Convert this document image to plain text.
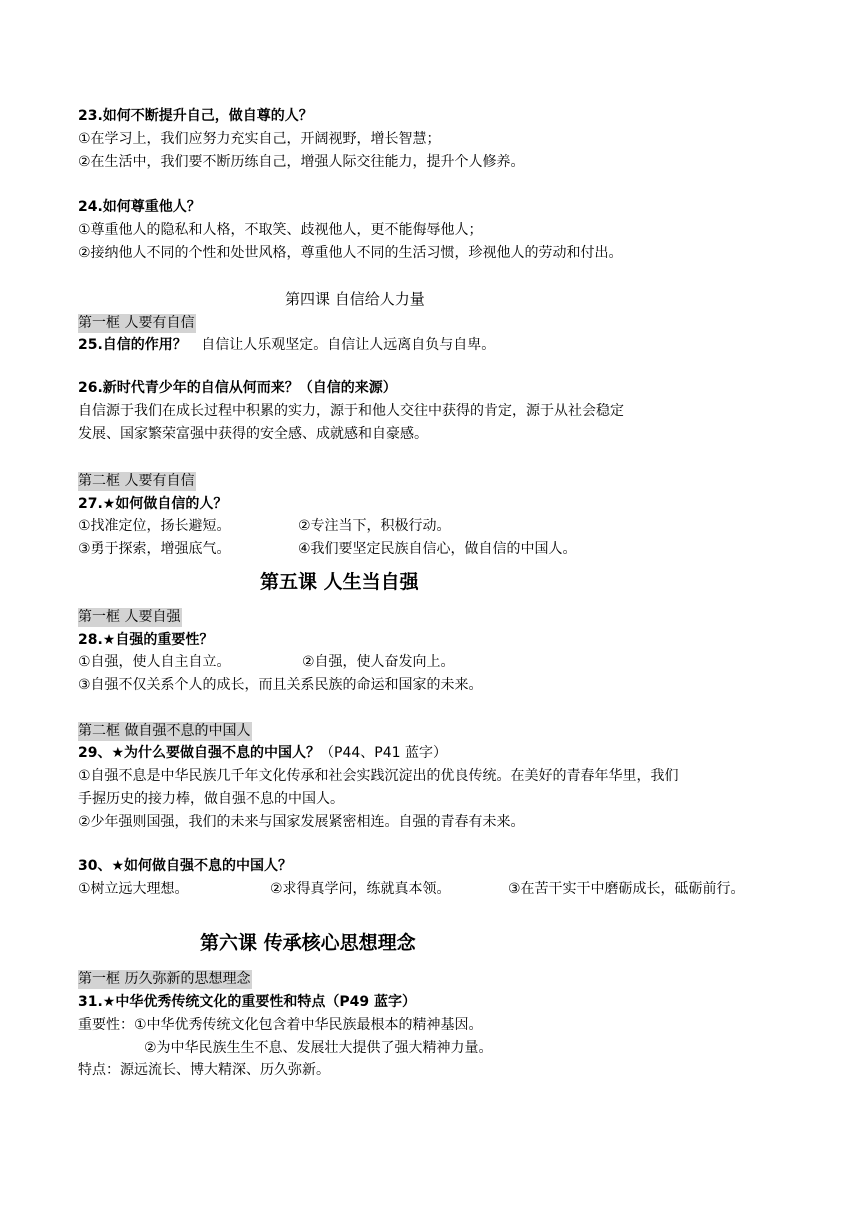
23.如何不断提升自己，做自尊的人？

①在学习上，我们应努力充实自己，开阔视野，增长智慧；

②在生活中，我们要不断历练自己，增强人际交往能力，提升个人修养。

24.如何尊重他人？

①尊重他人的隐私和人格，不取笑、歧视他人，更不能侮辱他人；

②接纳他人不同的个性和处世风格，尊重他人不同的生活习惯，珍视他人的劳动和付出。

第四课 自信给人力量

第一框 人要有自信

25.自信的作用？ 自信让人乐观坚定。自信让人远离自负与自卑。

26.新时代青少年的自信从何而来？（自信的来源）

自信源于我们在成长过程中积累的实力，源于和他人交往中获得的肯定，源于从社会稳定

发展、国家繁荣富强中获得的安全感、成就感和自豪感。

第二框 人要有自信

27.★如何做自信的人？

①找准定位，扬长避短。	②专注当下，积极行动。

③勇于探索，增强底气。	④我们要坚定民族自信心，做自信的中国人。

第五课 人生当自强

第一框 人要自强

28.★自强的重要性？

①自强，使人自主自立。	②自强，使人奋发向上。

③自强不仅关系个人的成长，而且关系民族的命运和国家的未来。

第二框 做自强不息的中国人

29、★为什么要做自强不息的中国人？（P44、P41 蓝字）

①自强不息是中华民族几千年文化传承和社会实践沉淀出的优良传统。在美好的青春年华里，我们

手握历史的接力棒，做自强不息的中国人。

②少年强则国强，我们的未来与国家发展紧密相连。自强的青春有未来。

30、★如何做自强不息的中国人？

①树立远大理想。	②求得真学问，练就真本领。	③在苦干实干中磨砺成长，砥砺前行。

第六课 传承核心思想理念

第一框 历久弥新的思想理念

31.★中华优秀传统文化的重要性和特点（P49 蓝字）

重要性：①中华优秀传统文化包含着中华民族最根本的精神基因。

②为中华民族生生不息、发展壮大提供了强大精神力量。

特点：源远流长、博大精深、历久弥新。
